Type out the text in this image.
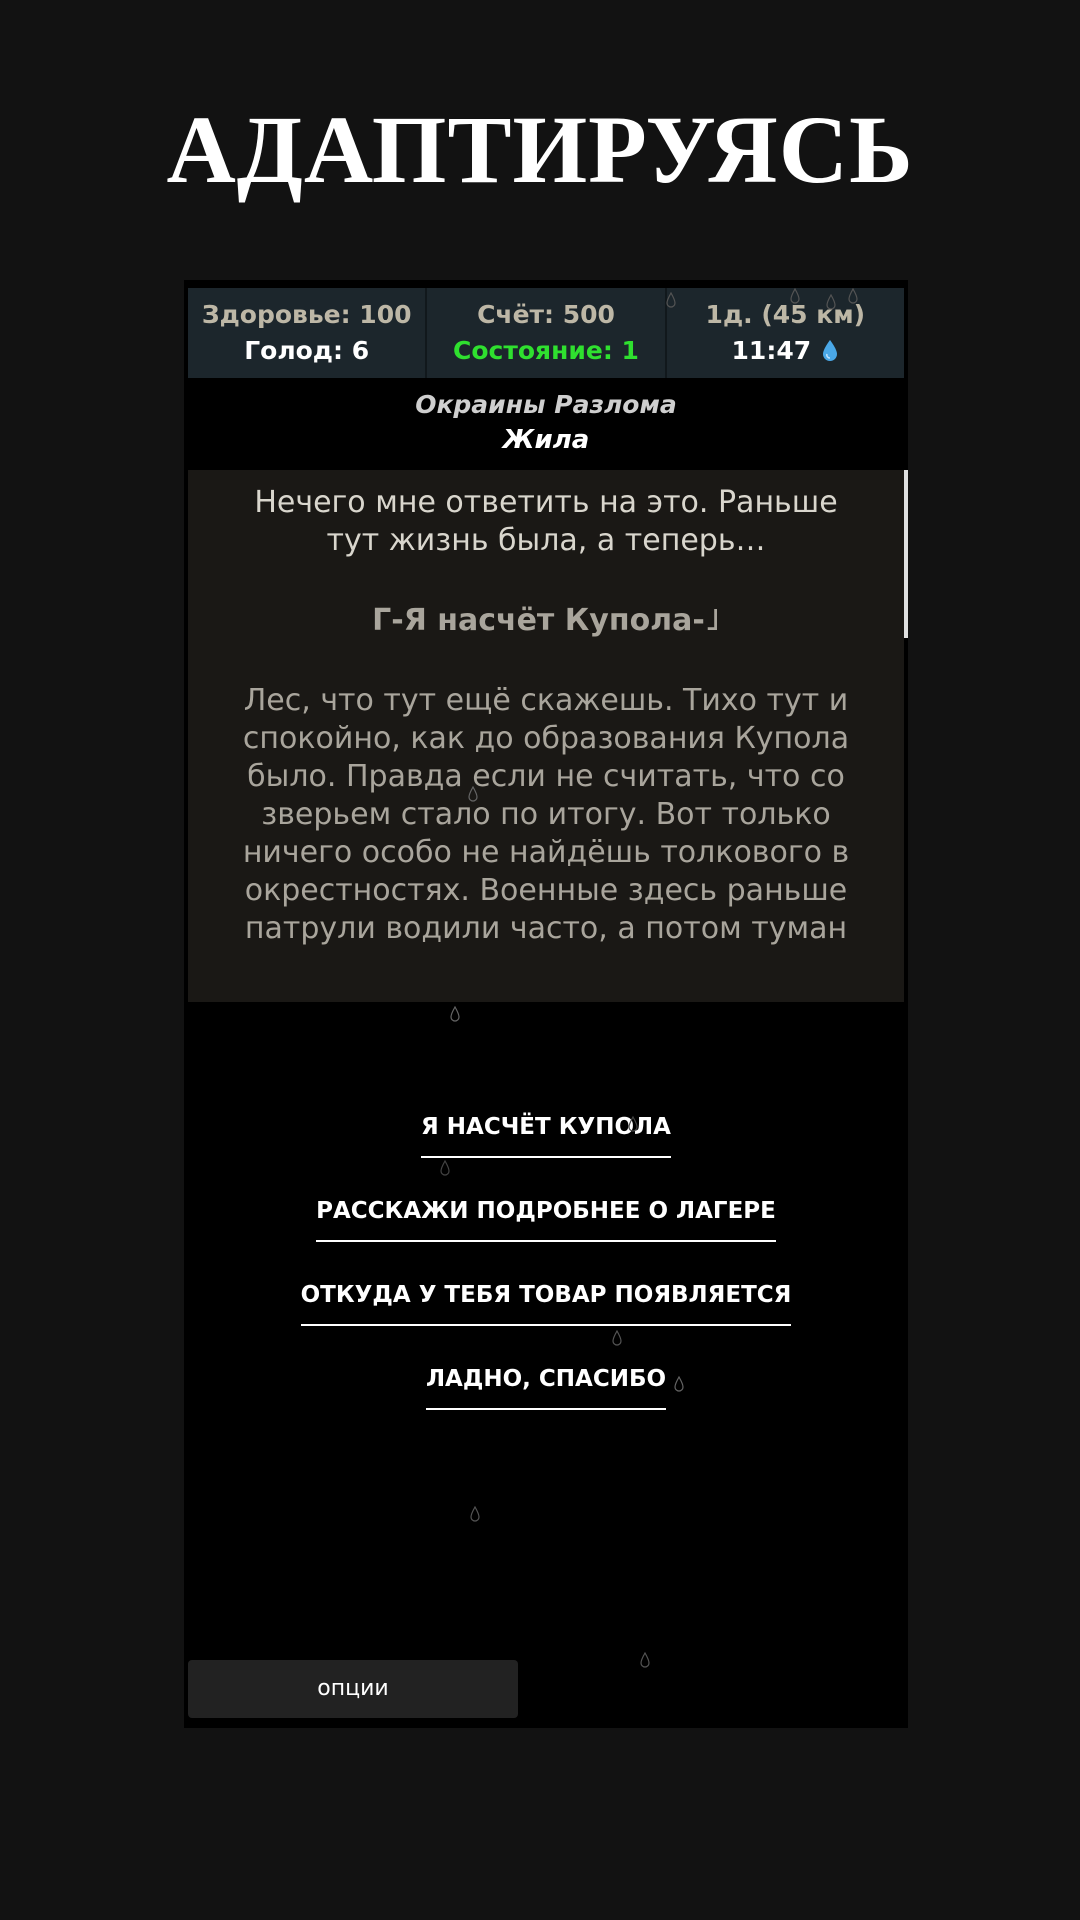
АДАПТИРУЯСЬ
Здоровье: 100
Голод: 6
Счёт: 500
Состояние: 1
1д. (45 км)
11:47
Окраины Разлома
Жила

Нечего мне ответить на это. Раньше тут жизнь была, а теперь…

Г-Я насчёт Купола-˩

Лес, что тут ещё скажешь. Тихо тут и спокойно, как до образования Купола было. Правда если не считать, что со зверьем стало по итогу. Вот только ничего особо не найдёшь толкового в окрестностях. Военные здесь раньше патрули водили часто, а потом туман

Я НАСЧЁТ КУПОЛА
РАССКАЖИ ПОДРОБНЕЕ О ЛАГЕРЕ
ОТКУДА У ТЕБЯ ТОВАР ПОЯВЛЯЕТСЯ
ЛАДНО, СПАСИБО
опции
